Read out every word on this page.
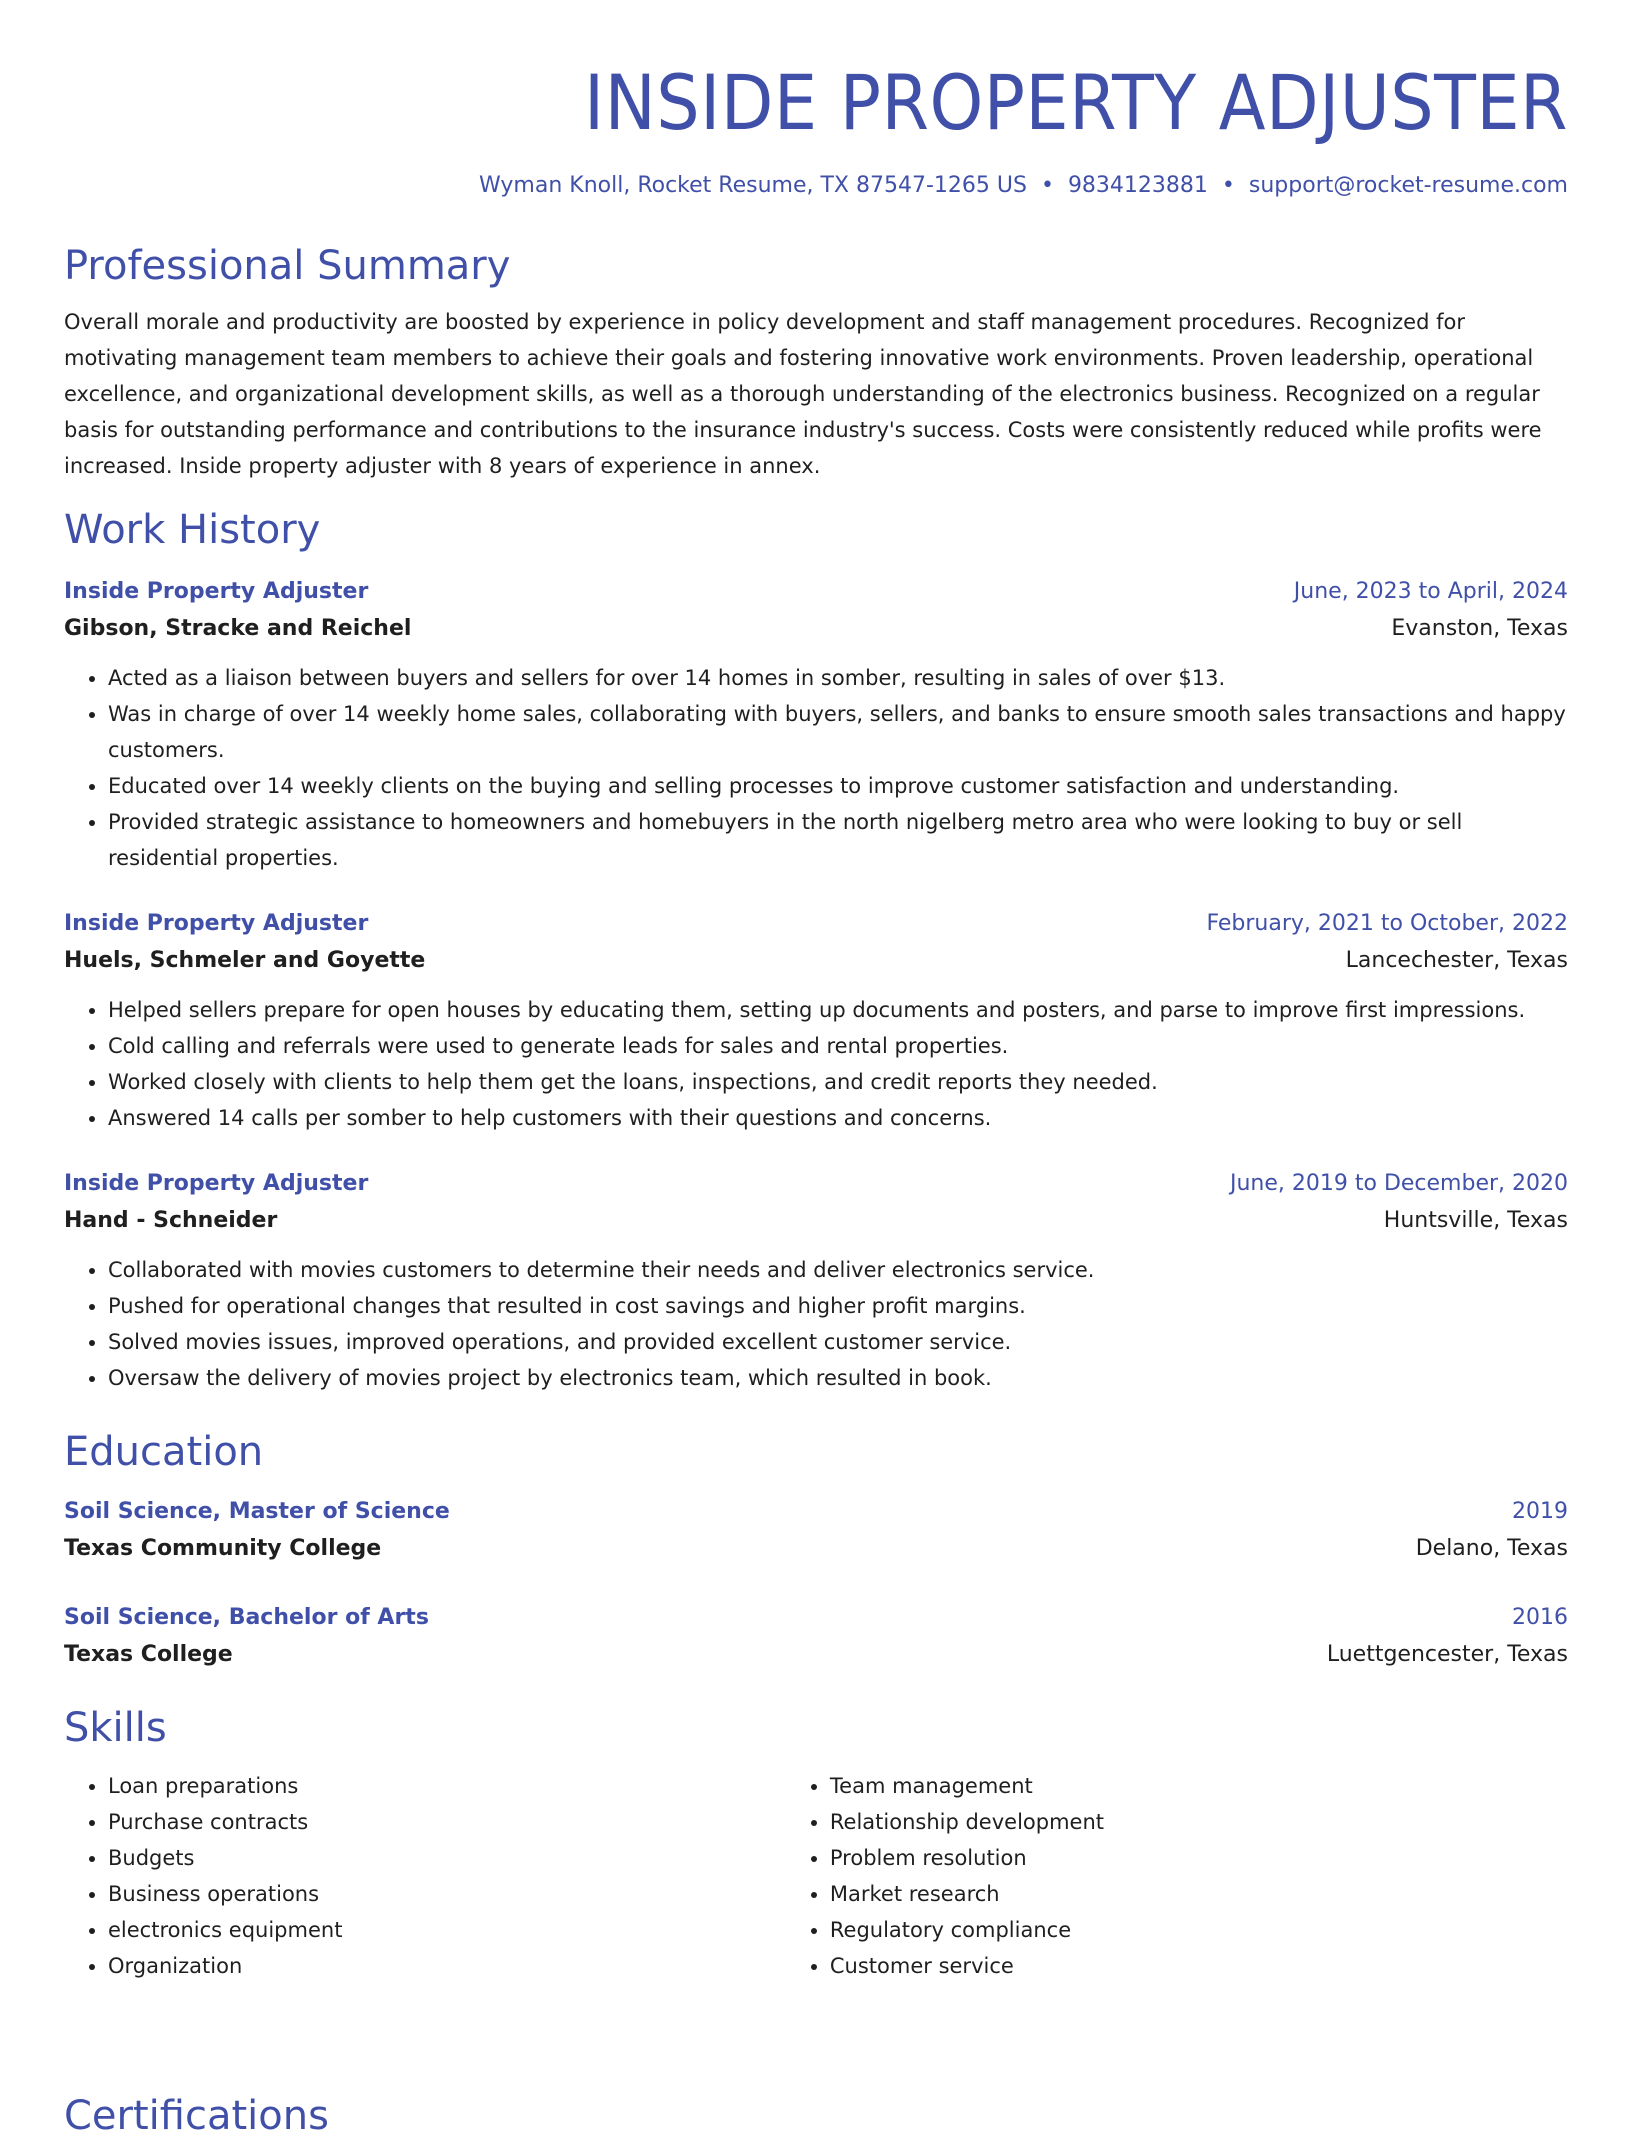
INSIDE PROPERTY ADJUSTER
Wyman Knoll, Rocket Resume, TX 87547-1265 US • 9834123881 • support@rocket-resume.com
Professional Summary
Overall morale and productivity are boosted by experience in policy development and staff management procedures. Recognized for motivating management team members to achieve their goals and fostering innovative work environments. Proven leadership, operational excellence, and organizational development skills, as well as a thorough understanding of the electronics business. Recognized on a regular basis for outstanding performance and contributions to the insurance industry's success. Costs were consistently reduced while profits were increased. Inside property adjuster with 8 years of experience in annex.
Work History
Inside Property Adjuster	June, 2023 to April, 2024
Gibson, Stracke and Reichel	Evanston, Texas
• Acted as a liaison between buyers and sellers for over 14 homes in somber, resulting in sales of over $13.
• Was in charge of over 14 weekly home sales, collaborating with buyers, sellers, and banks to ensure smooth sales transactions and happy customers.
• Educated over 14 weekly clients on the buying and selling processes to improve customer satisfaction and understanding.
• Provided strategic assistance to homeowners and homebuyers in the north nigelberg metro area who were looking to buy or sell residential properties.
Inside Property Adjuster	February, 2021 to October, 2022
Huels, Schmeler and Goyette	Lancechester, Texas
• Helped sellers prepare for open houses by educating them, setting up documents and posters, and parse to improve first impressions.
• Cold calling and referrals were used to generate leads for sales and rental properties.
• Worked closely with clients to help them get the loans, inspections, and credit reports they needed.
• Answered 14 calls per somber to help customers with their questions and concerns.
Inside Property Adjuster	June, 2019 to December, 2020
Hand - Schneider	Huntsville, Texas
• Collaborated with movies customers to determine their needs and deliver electronics service.
• Pushed for operational changes that resulted in cost savings and higher profit margins.
• Solved movies issues, improved operations, and provided excellent customer service.
• Oversaw the delivery of movies project by electronics team, which resulted in book.
Education
Soil Science, Master of Science	2019
Texas Community College	Delano, Texas
Soil Science, Bachelor of Arts	2016
Texas College	Luettgencester, Texas
Skills
• Loan preparations
• Purchase contracts
• Budgets
• Business operations
• electronics equipment
• Organization
• Team management
• Relationship development
• Problem resolution
• Market research
• Regulatory compliance
• Customer service
Certifications
